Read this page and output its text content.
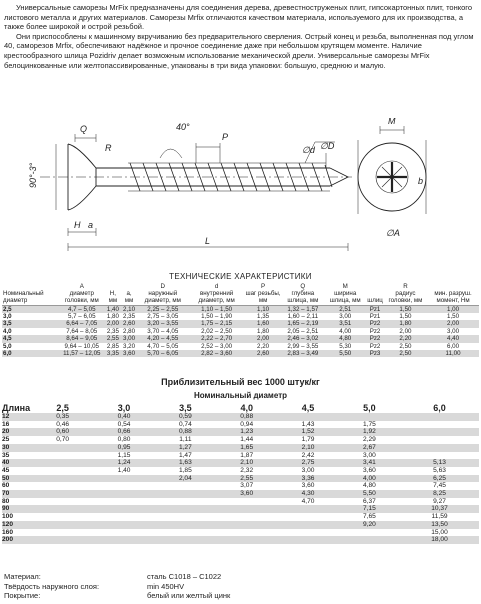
Универсальные саморезы MrFix предназначены для соединения дерева, древестноструженых плит, гипсокартонных плит, тонкого листового металла и других материалов. Саморезы Mrfix отличаются качеством материала, используемого для их производства, а также более широкой и острой резьбой.

Они приспособлены к машинному вкручиванию без предварительного сверления. Острый конец и резьба, выполненная под углом 40, саморезов Mrfix, обеспечивают надёжное и прочное соединение даже при небольшом крутящем моменте. Наличие крестообразного шлица Pozidriv делает возможным использование механической дрели. Универсальные саморезы MrFix белоцинкованные или желтопассивированные, упакованы в три вида упаковки: большую, среднюю и малую.

Q
R
40°
P
∅d ∅D
M
90°-3°
H a
L
∅A
b
ТЕХНИЧЕСКИЕ ХАРАКТЕРИСТИКИ
	A			D	d	P	Q	M		R	
Номинальный диаметр	диаметр головки, мм	H, мм	a, мм	наружный диаметр, мм	внутренний диаметр, мм	шаг резьбы, мм	глубина шлица, мм	ширина шлица, мм	шлиц	радиус головки, мм	мин. разруш. момент, Нм
2,5	4,7 – 5,05	1,40	2,10	2,25 – 2,55	1,10 – 1,50	1,10	1,32 – 1,57	2,51	Pz1	1,50	1,00
3,0	5,7 – 6,05	1,80	2,35	2,75 – 3,05	1,50 – 1,90	1,35	1,60 – 2,11	3,00	Pz1	1,50	1,50
3,5	6,64 – 7,05	2,00	2,60	3,20 – 3,55	1,75 – 2,15	1,60	1,65 – 2,19	3,51	Pz2	1,80	2,00
4,0	7,64 – 8,05	2,35	2,80	3,70 – 4,05	2,02 – 2,50	1,80	2,05 – 2,51	4,00	Pz2	2,00	3,00
4,5	8,64 – 9,05	2,55	3,00	4,20 – 4,55	2,22 – 2,70	2,00	2,46 – 3,02	4,80	Pz2	2,20	4,40
5,0	9,64 – 10,05	2,85	3,20	4,70 – 5,05	2,52 – 3,00	2,20	2,99 – 3,55	5,30	Pz2	2,50	6,00
6,0	11,57 – 12,05	3,35	3,60	5,70 – 6,05	2,82 – 3,60	2,60	2,83 – 3,49	5,50	Pz3	2,50	11,00
Приблизительный вес 1000 штук/кг
Номинальный диаметр
Длина	2,5	3,0	3,5	4,0	4,5	5,0	6,0
12	0,35	0,40	0,59	0,88			
16	0,46	0,54	0,74	0,94	1,43	1,75	
20	0,60	0,66	0,88	1,23	1,52	1,92	
25	0,70	0,80	1,11	1,44	1,79	2,29	
30		0,95	1,27	1,65	2,10	2,67	
35		1,15	1,47	1,87	2,42	3,00	
40		1,24	1,63	2,10	2,75	3,41	5,13
45		1,40	1,85	2,32	3,00	3,60	5,63
50			2,04	2,55	3,36	4,00	6,25
60				3,07	3,60	4,80	7,45
70				3,60	4,30	5,50	8,25
80					4,70	6,37	9,27
90						7,15	10,37
100						7,65	11,59
120						9,20	13,50
160							15,00
200							18,00
Материал:	сталь C1018 – C1022
Твёрдость наружного слоя:	min 450HV
Покрытие:	белый или желтый цинк
